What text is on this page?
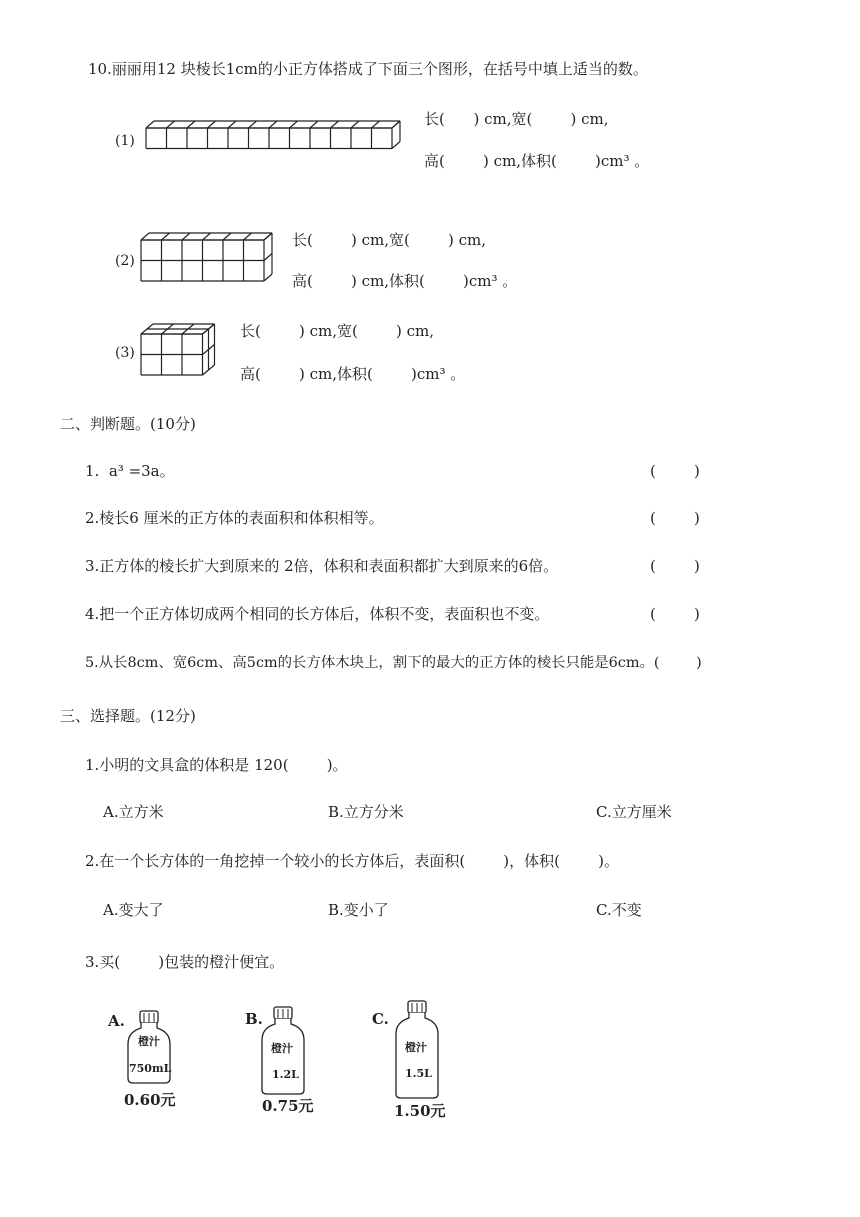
10.丽丽用12 块棱长1cm的小正方体搭成了下面三个图形，在括号中填上适当的数。
(1)
长(      ) cm,宽(        ) cm,
高(        ) cm,体积(        )cm³ 。
(2)
长(        ) cm,宽(        ) cm,
高(        ) cm,体积(        )cm³ 。
(3)
长(        ) cm,宽(        ) cm,
高(        ) cm,体积(        )cm³ 。
二、判断题。(10分)
1.  a³ =3a。	(        )
2.棱长6 厘米的正方体的表面积和体积相等。	(        )
3.正方体的棱长扩大到原来的 2倍，体积和表面积都扩大到原来的6倍。	(        )
4.把一个正方体切成两个相同的长方体后，体积不变，表面积也不变。	(        )
5.从长8cm、宽6cm、高5cm的长方体木块上，割下的最大的正方体的棱长只能是6cm。(        )
三、选择题。(12分)
1.小明的文具盒的体积是 120(        )。
A.立方米	B.立方分米	C.立方厘米
2.在一个长方体的一角挖掉一个较小的长方体后，表面积(        )，体积(        )。
A.变大了	B.变小了	C.不变
3.买(        )包装的橙汁便宜。
A.
橙汁
750mL
0.60元
B.
橙汁
1.2L
0.75元
C.
橙汁
1.5L
1.50元
